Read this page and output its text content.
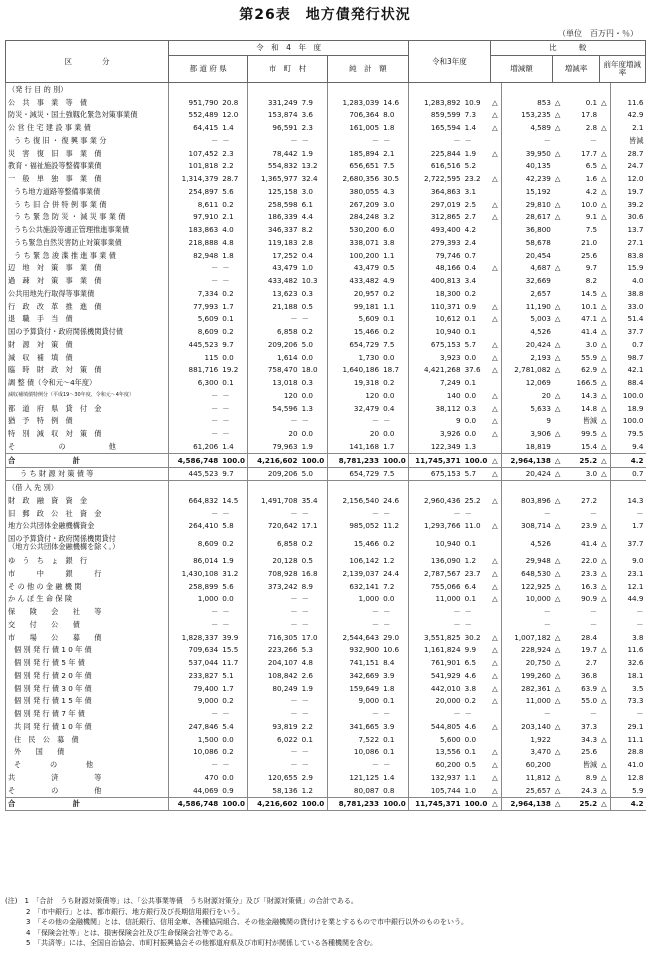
第26表　地方債発行状況
（単位　百万円・％）
区　　　　分	令　和　4　年　度						令和3年度		比　　　較					
	都 道 府 県		市　町　村		純　計　額				増減額		増減率		前年度増減率	
（発 行 目 的 別）														
公　共　事　業　等　債	951,790	20.8	331,249	7.9	1,283,039	14.6	1,283,892	10.9	△	853	△	0.1	△	11.6
防災・減災・国土強靱化緊急対策事業債	552,489	12.0	153,874	3.6	706,364	8.0	859,599	7.3	△	153,235	△	17.8		42.9
公 営 住 宅 建 設 事 業 債	64,415	1.4	96,591	2.3	161,005	1.8	165,594	1.4	△	4,589	△	2.8	△	2.1
う ち 復 旧 ・ 復 興 事 業 分	－	－	－	－	－	－	－	－		－		－		皆減
災　害　復　旧　事　業　債	107,452	2.3	78,442	1.9	185,894	2.1	225,844	1.9	△	39,950	△	17.7	△	28.7
教育・福祉施設等整備事業債	101,818	2.2	554,832	13.2	656,651	7.5	616,516	5.2		40,135		6.5	△	24.7
一　般　単　独　事　業　債	1,314,379	28.7	1,365,977	32.4	2,680,356	30.5	2,722,595	23.2	△	42,239	△	1.6	△	12.0
うち地方道路等整備事業債	254,897	5.6	125,158	3.0	380,055	4.3	364,863	3.1		15,192		4.2	△	19.7
う ち 旧 合 併 特 例 事 業 債	8,611	0.2	258,598	6.1	267,209	3.0	297,019	2.5	△	29,810	△	10.0	△	39.2
う ち 緊 急 防 災 ・ 減 災 事 業 債	97,910	2.1	186,339	4.4	284,248	3.2	312,865	2.7	△	28,617	△	9.1	△	30.6
うち公共施設等適正管理推進事業債	183,863	4.0	346,337	8.2	530,200	6.0	493,400	4.2		36,800		7.5		13.7
うち緊急自然災害防止対策事業債	218,888	4.8	119,183	2.8	338,071	3.8	279,393	2.4		58,678		21.0		27.1
う ち 緊 急 浚 渫 推 進 事 業 債	82,948	1.8	17,252	0.4	100,200	1.1	79,746	0.7		20,454		25.6		83.8
辺　地　対　策　事　業　債	－	－	43,479	1.0	43,479	0.5	48,166	0.4	△	4,687	△	9.7		15.9
過　疎　対　策　事　業　債	－	－	433,482	10.3	433,482	4.9	400,813	3.4		32,669		8.2		4.0
公共用地先行取得等事業債	7,334	0.2	13,623	0.3	20,957	0.2	18,300	0.2		2,657		14.5	△	38.8
行　政　改　革　推　進　債	77,993	1.7	21,188	0.5	99,181	1.1	110,371	0.9	△	11,190	△	10.1	△	33.0
退　職　手　当　債	5,609	0.1	－	－	5,609	0.1	10,612	0.1	△	5,003	△	47.1	△	51.4
国の予算貸付・政府関係機関貸付債	8,609	0.2	6,858	0.2	15,466	0.2	10,940	0.1		4,526		41.4	△	37.7
財　源　対　策　債	445,523	9.7	209,206	5.0	654,729	7.5	675,153	5.7	△	20,424	△	3.0	△	0.7
減　収　補　填　債	115	0.0	1,614	0.0	1,730	0.0	3,923	0.0	△	2,193	△	55.9	△	98.7
臨　時　財　政　対　策　債	881,716	19.2	758,470	18.0	1,640,186	18.7	4,421,268	37.6	△	2,781,082	△	62.9	△	42.1
調 整 債（令和元～4年度）	6,300	0.1	13,018	0.3	19,318	0.2	7,249	0.1		12,069		166.5	△	88.4
減収補填債特例分（平成19～30年度、令和元～4年度）	－	－	120	0.0	120	0.0	140	0.0	△	20	△	14.3	△	100.0
都　道　府　県　貸　付　金	－	－	54,596	1.3	32,479	0.4	38,112	0.3	△	5,633	△	14.8	△	18.9
猶　予　特　例　債	－	－	－	－	－	－	9	0.0	△	9		皆減	△	100.0
特　別　減　収　対　策　債	－	－	20	0.0	20	0.0	3,926	0.0	△	3,906	△	99.5	△	79.5
そ　　　　　　の　　　　　　他	61,206	1.4	79,963	1.9	141,168	1.7	122,349	1.3		18,819		15.4	△	9.4
合　　　　　　　　計	4,586,748	100.0	4,216,602	100.0	8,781,233	100.0	11,745,371	100.0	△	2,964,138	△	25.2	△	4.2
う ち 財 源 対 策 債 等	445,523	9.7	209,206	5.0	654,729	7.5	675,153	5.7	△	20,424	△	3.0	△	0.7
（借 入 先 別）														
財　政　融　資　資　金	664,832	14.5	1,491,708	35.4	2,156,540	24.6	2,960,436	25.2	△	803,896	△	27.2		14.3
旧　郵　政　公　社　資　金	－	－	－	－	－	－	－	－		－		－		－
地方公共団体金融機構資金	264,410	5.8	720,642	17.1	985,052	11.2	1,293,766	11.0	△	308,714	△	23.9	△	1.7

国の予算貸付・政府関係機関貸付
（地方公共団体金融機構を除く。）	8,609	0.2	6,858	0.2	15,466	0.2	10,940	0.1		4,526		41.4	△	37.7
ゆ　う　ち　ょ　銀　行	86,014	1.9	20,128	0.5	106,142	1.2	136,090	1.2	△	29,948	△	22.0	△	9.0
市　　　中　　　銀　　　行	1,430,108	31.2	708,928	16.8	2,139,037	24.4	2,787,567	23.7	△	648,530	△	23.3	△	23.1
そ の 他 の 金 融 機 関	258,899	5.6	373,242	8.9	632,141	7.2	755,066	6.4	△	122,925	△	16.3	△	12.1
か ん ぽ 生 命 保 険	1,000	0.0	－	－	1,000	0.0	11,000	0.1	△	10,000	△	90.9	△	44.9
保　　険　　会　　社　　等	－	－	－	－	－	－	－	－		－		－		－
交　　付　　公　　債	－	－	－	－	－	－	－	－		－		－		－
市　　場　　公　　募　　債	1,828,337	39.9	716,305	17.0	2,544,643	29.0	3,551,825	30.2	△	1,007,182	△	28.4		3.8
個 別 発 行 債 1 0 年 債	709,634	15.5	223,266	5.3	932,900	10.6	1,161,824	9.9	△	228,924	△	19.7	△	11.6
個 別 発 行 債 5 年 債	537,044	11.7	204,107	4.8	741,151	8.4	761,901	6.5	△	20,750	△	2.7		32.6
個 別 発 行 債 2 0 年 債	233,827	5.1	108,842	2.6	342,669	3.9	541,929	4.6	△	199,260	△	36.8		18.1
個 別 発 行 債 3 0 年 債	79,400	1.7	80,249	1.9	159,649	1.8	442,010	3.8	△	282,361	△	63.9	△	3.5
個 別 発 行 債 1 5 年 債	9,000	0.2	－	－	9,000	0.1	20,000	0.2	△	11,000	△	55.0	△	73.3
個 別 発 行 債 7 年 債	－	－	－	－	－	－	－	－		－		－		－
共 同 発 行 債 1 0 年 債	247,846	5.4	93,819	2.2	341,665	3.9	544,805	4.6	△	203,140	△	37.3		29.1
住　民　公　募　債	1,500	0.0	6,022	0.1	7,522	0.1	5,600	0.0		1,922		34.3	△	11.1
外　　国　　債	10,086	0.2	－	－	10,086	0.1	13,556	0.1	△	3,470	△	25.6		28.8
そ　　　　の　　　　他	－	－	－	－	－	－	60,200	0.5	△	60,200		皆減	△	41.0
共　　　　　済　　　　　等	470	0.0	120,655	2.9	121,125	1.4	132,937	1.1	△	11,812	△	8.9	△	12.8
そ　　　　　の　　　　　他	44,069	0.9	58,136	1.2	80,087	0.8	105,744	1.0	△	25,657	△	24.3	△	5.9
合　　　　　　　　計	4,586,748	100.0	4,216,602	100.0	8,781,233	100.0	11,745,371	100.0	△	2,964,138	△	25.2	△	4.2
(注)　1　「合計　うち財源対策債等」は、「公共事業等債　うち財源対策分」及び「財源対策債」の合計である。
　　　2　「市中銀行」とは、都市銀行、地方銀行及び長期信用銀行をいう。
　　　3　「その他の金融機関」とは、信託銀行、信用金庫、各種協同組合、その他金融機関の貸付けを業とするもので市中銀行以外のものをいう。
　　　4　「保険会社等」とは、損害保険会社及び生命保険会社等である。
　　　5　「共済等」には、全国自治協会、市町村振興協会その他都道府県及び市町村が関係している各種機関を含む。
